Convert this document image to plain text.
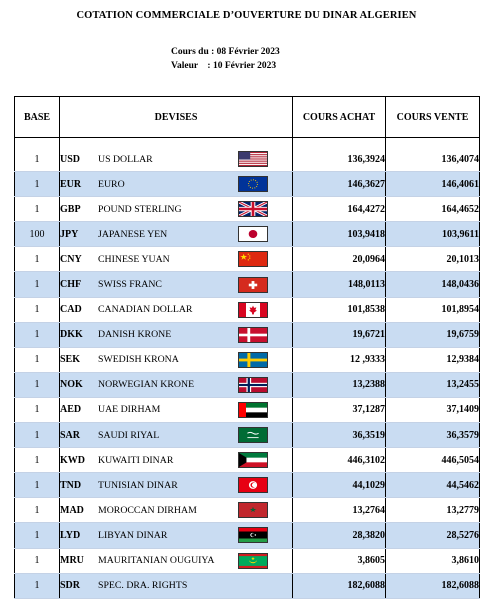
COTATION COMMERCIALE D’OUVERTURE DU DINAR ALGERIEN
Cours du : 08 Février 2023
Valeur    : 10 Février 2023
BASE	DEVISES	COURS ACHAT	COURS VENTE

1	USD US DOLLAR	136,3924	136,4074
1	EUR EURO	146,3627	146,4061
1	GBP POUND STERLING	164,4272	164,4652
100	JPY JAPANESE YEN	103,9418	103,9611
1	CNY CHINESE YUAN	20,0964	20,1013
1	CHF SWISS FRANC	148,0113	148,0436
1	CAD CANADIAN DOLLAR	101,8538	101,8954
1	DKK DANISH KRONE	19,6721	19,6759
1	SEK SWEDISH KRONA	12 ,9333	12,9384
1	NOK NORWEGIAN KRONE	13,2388	13,2455
1	AED UAE DIRHAM	37,1287	37,1409
1	SAR SAUDI RIYAL	36,3519	36,3579
1	KWD KUWAITI DINAR	446,3102	446,5054
1	TND TUNISIAN DINAR	44,1029	44,5462
1	MAD MOROCCAN DIRHAM	13,2764	13,2779
1	LYD LIBYAN DINAR	28,3820	28,5276
1	MRU MAURITANIAN OUGUIYA	3,8605	3,8610
1	SDR SPEC. DRA. RIGHTS	182,6088	182,6088
